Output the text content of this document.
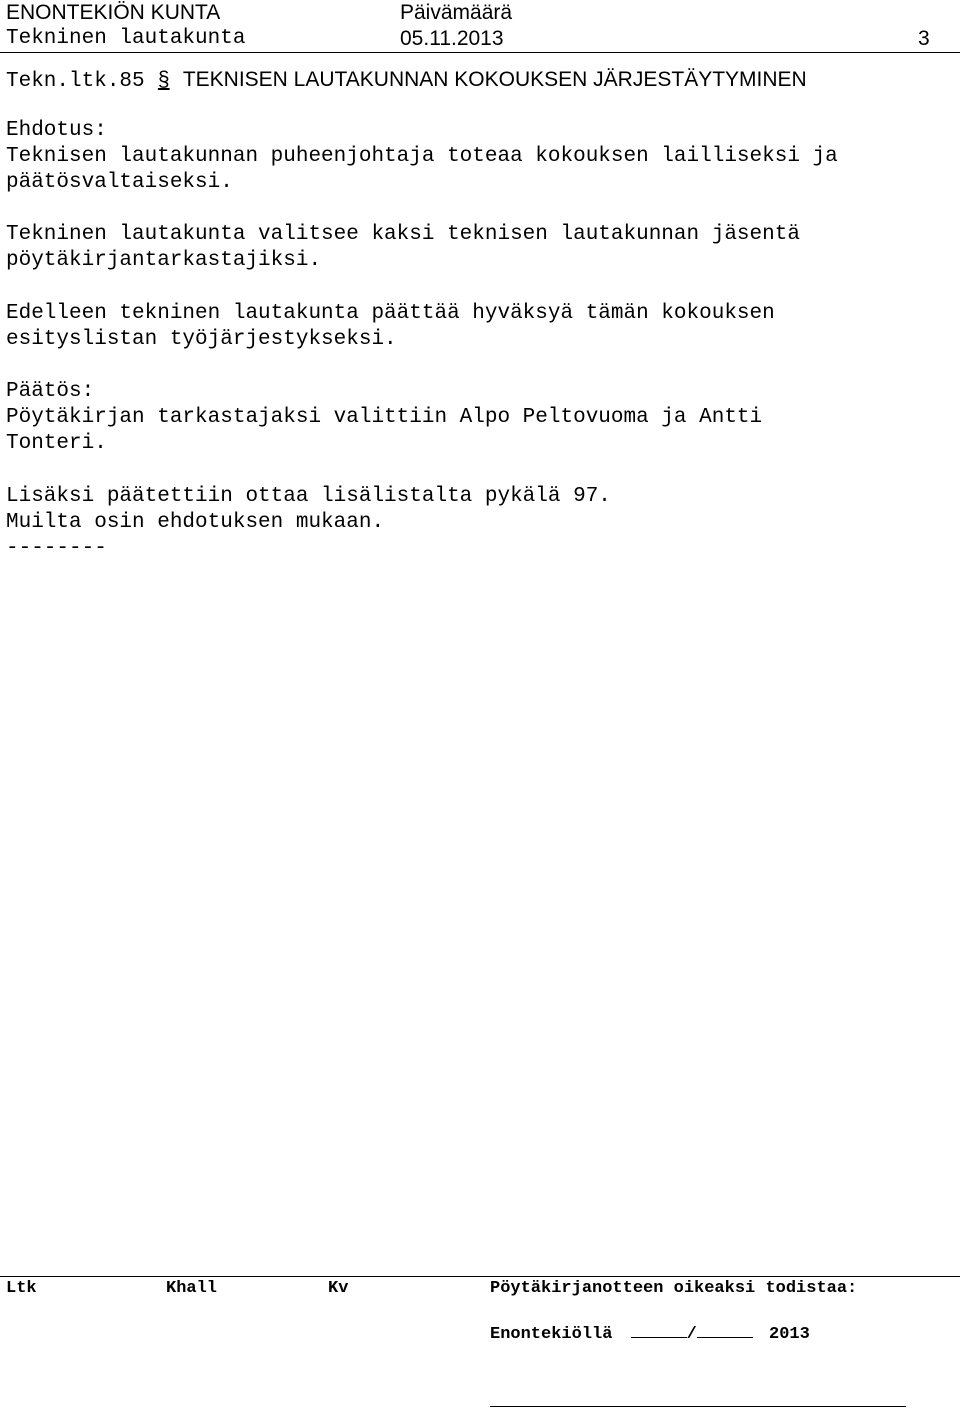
ENONTEKIÖN KUNTA
Tekninen lautakunta
Päivämäärä
05.11.2013	3
Tekn.ltk.85 § TEKNISEN LAUTAKUNNAN KOKOUKSEN JÄRJESTÄYTYMINEN
Ehdotus:
Teknisen lautakunnan puheenjohtaja toteaa kokouksen lailliseksi ja
päätösvaltaiseksi.
Tekninen lautakunta valitsee kaksi teknisen lautakunnan jäsentä
pöytäkirjantarkastajiksi.
Edelleen tekninen lautakunta päättää hyväksyä tämän kokouksen
esityslistan työjärjestykseksi.
Päätös:
Pöytäkirjan tarkastajaksi valittiin Alpo Peltovuoma ja Antti
Tonteri.
Lisäksi päätettiin ottaa lisälistalta pykälä 97.
Muilta osin ehdotuksen mukaan.
--------
Ltk	Khall	Kv	Pöytäkirjanotteen oikeaksi todistaa:
Enontekiöllä	/	2013
